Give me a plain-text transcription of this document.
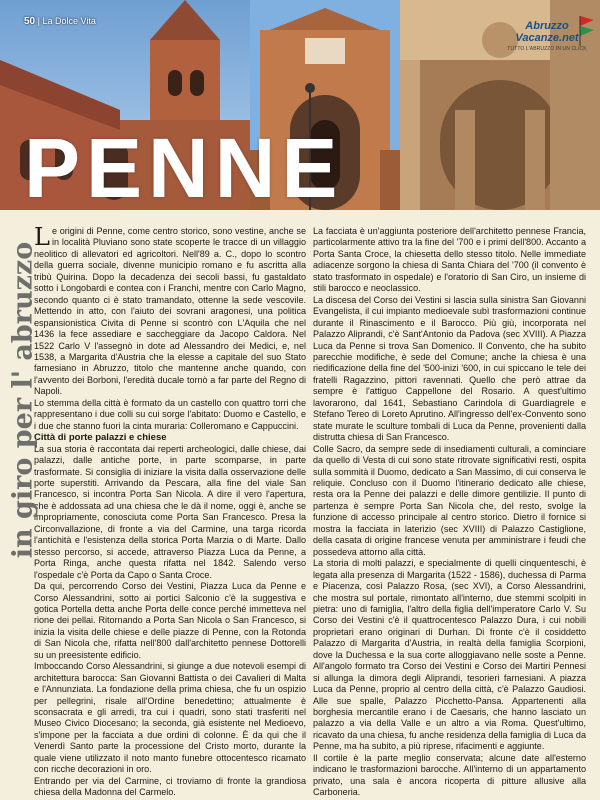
50 | La Dolce Vita	Abruzzo
Vacanze.net
TUTTO L'ABRUZZO IN UN CLICK
PENNE
in giro per l' abruzzo

Le origini di Penne, come centro storico, sono vestine, anche se in località Pluviano sono state scoperte le tracce di un villaggio neolitico di allevatori ed agricoltori. Nell'89 a. C., dopo lo scontro della guerra sociale, divenne municipio romano e fu ascritta alla tribù Quirina. Dopo la decadenza dei secoli bassi, fu gastaldato sotto i Longobardi e contea con i Franchi, mentre con Carlo Magno, secondo quanto ci è stato tramandato, ottenne la sede vescovile. Mettendo in atto, con l'aiuto dei sovrani aragonesi, una politica espansionistica Civita di Penne si scontrò con L'Aquila che nel 1436 la fece assediare e saccheggiare da Jacopo Caldora. Nel 1522 Carlo V l'assegnò in dote ad Alessandro dei Medici, e, nel 1538, a Margarita d'Austria che la elesse a capitale del suo Stato farnesiano in Abruzzo, titolo che mantenne anche quando, con l'avvento dei Borboni, l'eredità ducale tornò a far parte del Regno di Napoli.

Lo stemma della città è formato da un castello con quattro torri che rappresentano i due colli su cui sorge l'abitato: Duomo e Castello, e i due che stanno fuori la cinta muraria: Colleromano e Cappuccini.

Città di porte palazzi e chiese

La sua storia è raccontata dai reperti archeologici, dalle chiese, dai palazzi, dalle antiche porte, in parte scomparse, in parte trasformate. Si consiglia di iniziare la visita dalla osservazione delle porte superstiti. Arrivando da Pescara, alla fine del viale San Francesco, si incontra Porta San Nicola. A dire il vero l'apertura, che è addossata ad una chiesa che le dà il nome, oggi è, anche se impropriamente, conosciuta come Porta San Francesco. Presa la Circonvallazione, di fronte a via del Carmine, una targa ricorda l'antichità e l'esistenza della storica Porta Marzia o di Marte. Dallo stesso percorso, si accede, attraverso Piazza Luca da Penne, a Porta Ringa, anche questa rifatta nel 1842. Salendo verso l'ospedale c'è Porta da Capo o Santa Croce.

Da qui, percorrendo Corso dei Vestini, Piazza Luca da Penne e Corso Alessandrini, sotto ai portici Salconio c'è la suggestiva e gotica Portella detta anche Porta delle conce perché immetteva nel rione dei pellai. Ritornando a Porta San Nicola o San Francesco, si inizia la visita delle chiese e delle piazze di Penne, con la Rotonda di San Nicola che, rifatta nell'800 dall'architetto pennese Dottorelli su un preesistente edificio.

Imboccando Corso Alessandrini, si giunge a due notevoli esempi di architettura barocca: San Giovanni Battista o dei Cavalieri di Malta e l'Annunziata. La fondazione della prima chiesa, che fu un ospizio per pellegrini, risale all'Ordine benedettino; attualmente è sconsacrata e gli arredi, tra cui i quadri, sono stati trasferiti nel Museo Civico Diocesano; la seconda, già esistente nel Medioevo, s'impone per la facciata a due ordini di colonne. È da qui che il Venerdì Santo parte la processione del Cristo morto, durante la quale viene utilizzato il noto manto funebre ottocentesco ricamato con ricche decorazioni in oro.

Entrando per via del Carmine, ci troviamo di fronte la grandiosa chiesa della Madonna del Carmelo.

La facciata è un'aggiunta posteriore dell'architetto pennese Francia, particolarmente attivo tra la fine del '700 e i primi dell'800. Accanto a Porta Santa Croce, la chiesetta dello stesso titolo. Nelle immediate adiacenze sorgono la chiesa di Santa Chiara del '700 (il convento è stato trasformato in ospedale) e l'oratorio di San Ciro, un insieme di stili barocco e neoclassico.

La discesa del Corso dei Vestini si lascia sulla sinistra San Giovanni Evangelista, il cui impianto medioevale subì trasformazioni continue durante il Rinascimento e il Barocco. Più giù, incorporata nel Palazzo Aliprandi, c'è Sant'Antonio da Padova (sec XVIII). A Piazza Luca da Penne si trova San Domenico. Il Convento, che ha subito parecchie modifiche, è sede del Comune; anche la chiesa è una riedificazione della fine del '500-inizi '600, in cui spiccano le tele dei fratelli Ragazzino, pittori ravennati. Quello che però attrae da sempre è l'attiguo Cappellone del Rosario. A quest'ultimo lavorarono, dal 1641, Sebastiano Carindola di Guardiagrele e Stefano Tereo di Loreto Aprutino. All'ingresso dell'ex-Convento sono state murate le sculture tombali di Luca da Penne, provenienti dalla distrutta chiesa di San Francesco.

Colle Sacro, da sempre sede di insediamenti culturali, a cominciare da quello di Vesta di cui sono state ritrovate significativi resti, ospita sulla sommità il Duomo, dedicato a San Massimo, di cui conserva le reliquie. Concluso con il Duomo l'itinerario dedicato alle chiese, resta ora la Penne dei palazzi e delle dimore gentilizie. Il punto di partenza è sempre Porta San Nicola che, del resto, svolge la funzione di accesso principale al centro storico. Dietro il fornice si mostra la facciata in laterizio (sec XVIII) di Palazzo Castiglione, della casata di origine francese venuta per amministrare i feudi che possedeva attorno alla città.

La storia di molti palazzi, e specialmente di quelli cinquenteschi, è legata alla presenza di Margarita (1522 - 1586), duchessa di Parma e Piacenza, così Palazzo Rosa, (sec XVI), a Corso Alessandrini, che mostra sul portale, rimontato all'interno, due stemmi scolpiti in pietra: uno di famiglia, l'altro della figlia dell'imperatore Carlo V. Su Corso dei Vestini c'è il quattrocentesco Palazzo Dura, i cui nobili proprietari erano originari di Durhan. Di fronte c'è il cosiddetto Palazzo di Margarita d'Austria, in realtà della famiglia Scorpioni, dove la Duchessa e la sua corte alloggiavano nelle soste a Penne. All'angolo formato tra Corso dei Vestini e Corso dei Martiri Pennesi si allunga la dimora degli Aliprandi, tesorieri farnesiani. A piazza Luca da Penne, proprio al centro della città, c'è Palazzo Gaudiosi. Alle sue spalle, Palazzo Picchetto-Pansa. Appartenenti alla borghesia mercantile erano i de Caesaris, che hanno lasciato un palazzo a via della Valle e un altro a via Roma. Quest'ultimo, ricavato da una chiesa, fu anche residenza della famiglia di Luca da Penne, ma ha subito, a più riprese, rifacimenti e aggiunte.

Il cortile è la parte meglio conservata; alcune date all'esterno indicano le trasformazioni barocche. All'interno di un appartamento privato, una sala è ancora ricoperta di pitture allusive alla Carboneria.
